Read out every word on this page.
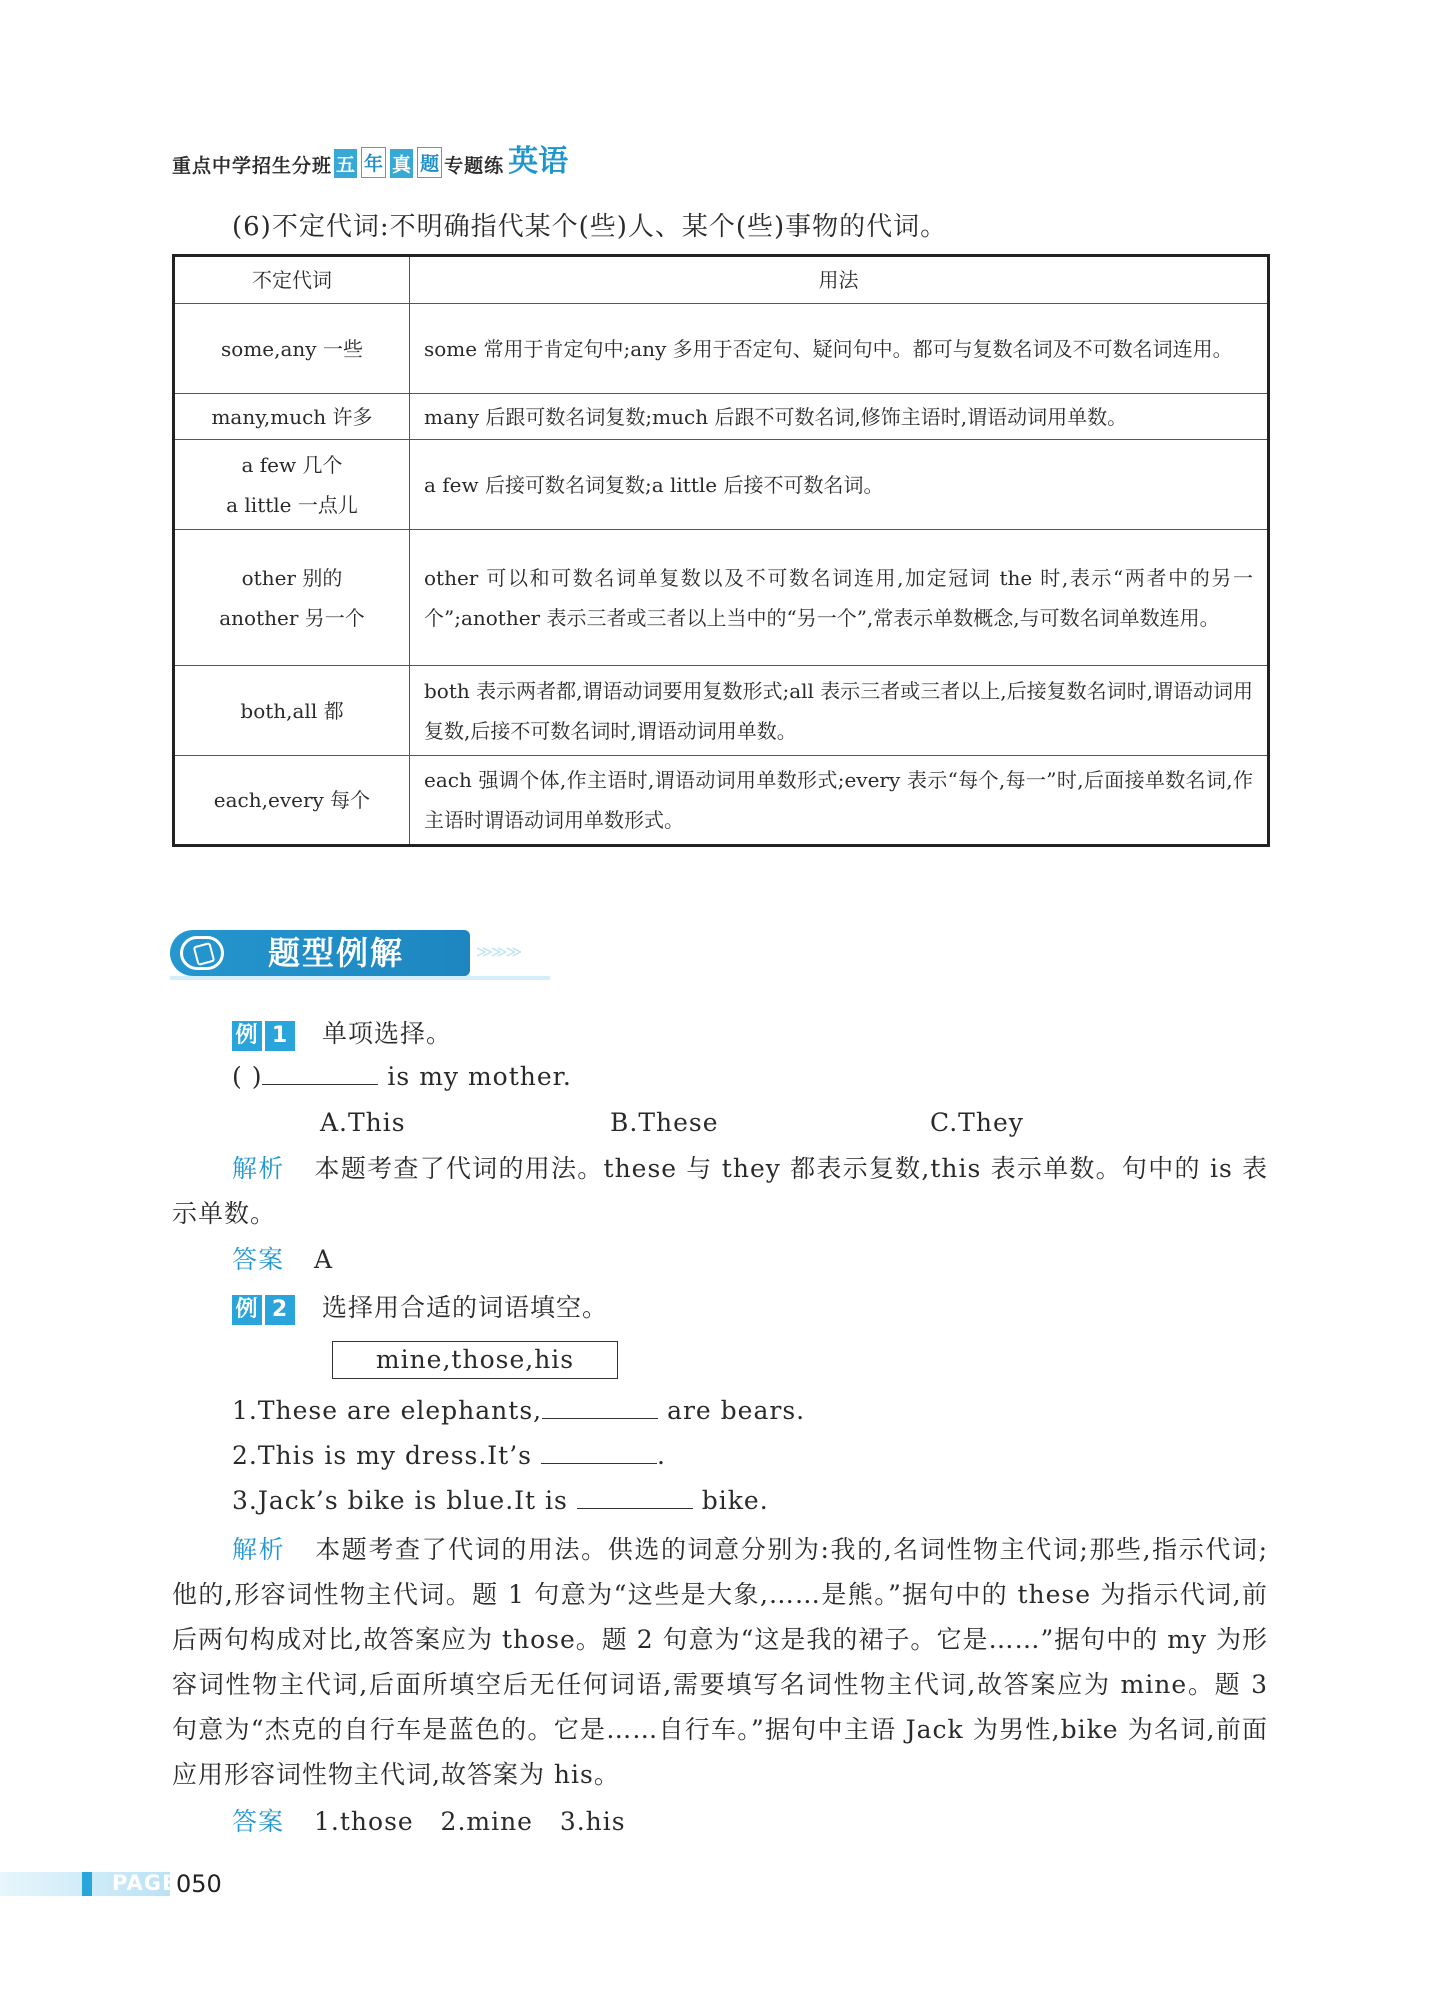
重点中学招生分班 五 年 真 题 专题练 英语
(6)不定代词:不明确指代某个(些)人、某个(些)事物的代词。
不定代词	用法

some,any 一些	some 常用于肯定句中;any 多用于否定句、疑问句中。都可与复数名词及不可数名词连用。

many,much 许多	many 后跟可数名词复数;much 后跟不可数名词,修饰主语时,谓语动词用单数。

a few 几个
a little 一点儿	a few 后接可数名词复数;a little 后接不可数名词。

other 别的
another 另一个	other 可以和可数名词单复数以及不可数名词连用,加定冠词 the 时,表示“两者中的另一个”;another 表示三者或三者以上当中的“另一个”,常表示单数概念,与可数名词单数连用。

both,all 都	both 表示两者都,谓语动词要用复数形式;all 表示三者或三者以上,后接复数名词时,谓语动词用复数,后接不可数名词时,谓语动词用单数。

each,every 每个	each 强调个体,作主语时,谓语动词用单数形式;every 表示“每个,每一”时,后面接单数名词,作主语时谓语动词用单数形式。
题型例解	≫≫≫
例 1 单项选择。
( )	is my mother.
A.This	B.These	C.They
解析 本题考查了代词的用法。these 与 they 都表示复数,this 表示单数。句中的 is 表示单数。
答案 A
例 2 选择用合适的词语填空。
mine,those,his
1.These are elephants,	are bears.
2.This is my dress.It’s	.
3.Jack’s bike is blue.It is	bike.
解析 本题考查了代词的用法。供选的词意分别为:我的,名词性物主代词;那些,指示代词;他的,形容词性物主代词。题 1 句意为“这些是大象,……是熊。”据句中的 these 为指示代词,前后两句构成对比,故答案应为 those。题 2 句意为“这是我的裙子。它是……”据句中的 my 为形容词性物主代词,后面所填空后无任何词语,需要填写名词性物主代词,故答案应为 mine。题 3 句意为“杰克的自行车是蓝色的。它是……自行车。”据句中主语 Jack 为男性,bike 为名词,前面应用形容词性物主代词,故答案为 his。
答案 1.those   2.mine   3.his
PAGE
050
